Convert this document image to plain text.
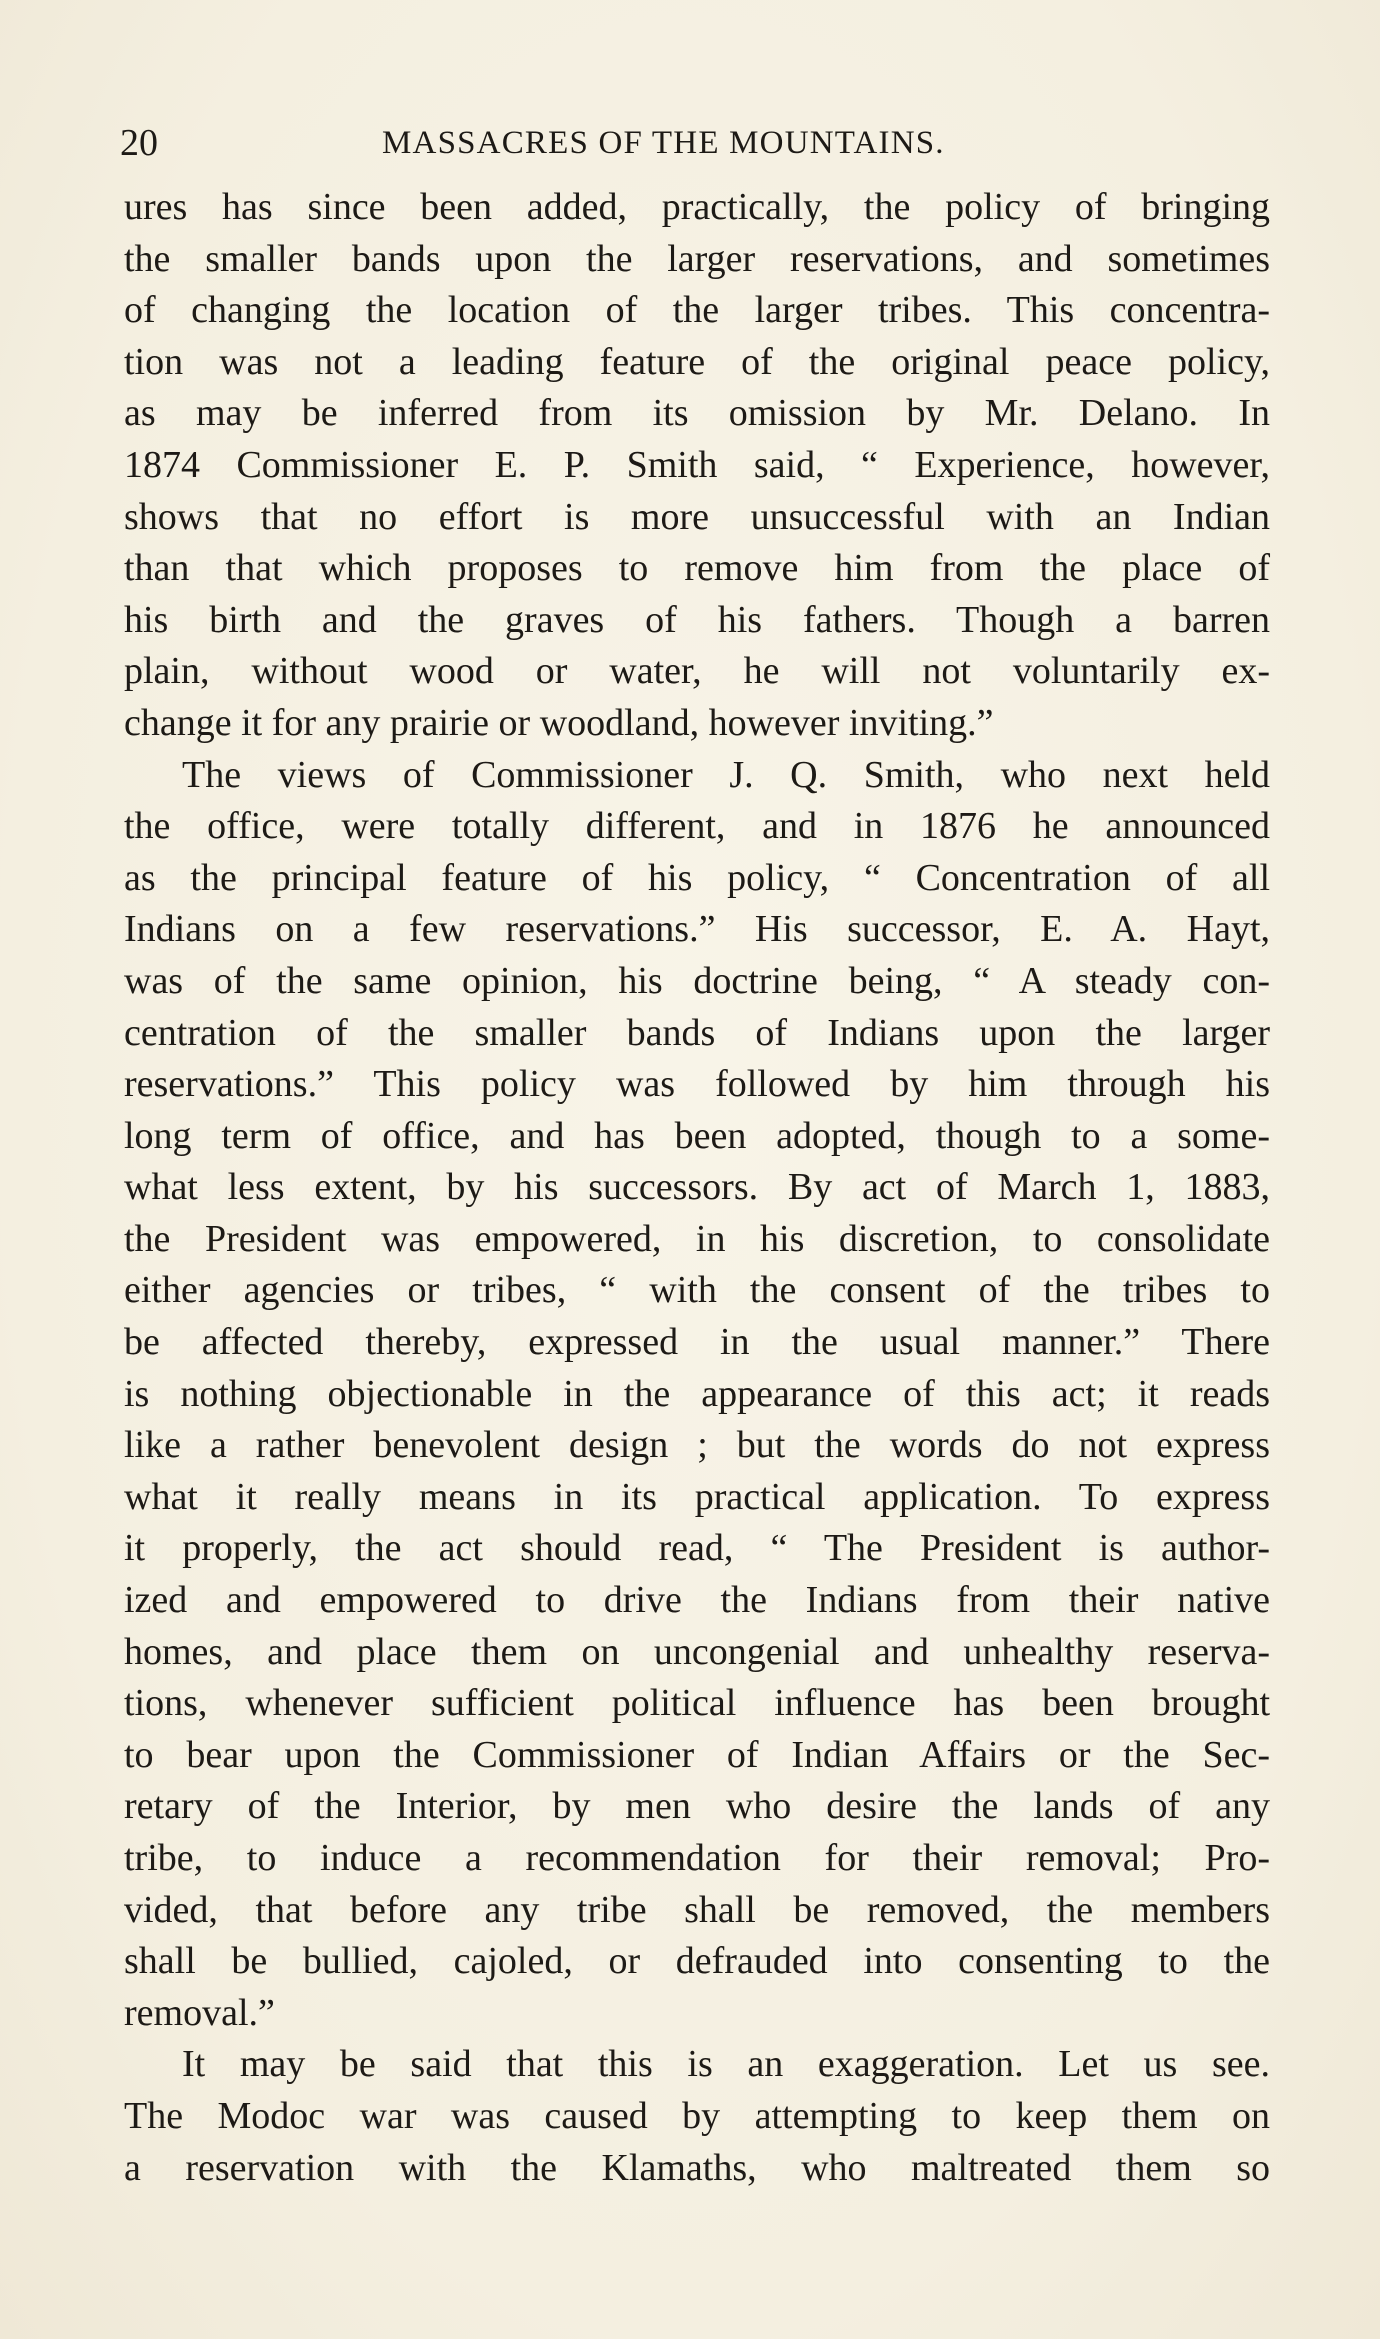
20	MASSACRES OF THE MOUNTAINS.
ures has since been added, practically, the policy of bringing
the smaller bands upon the larger reservations, and sometimes
of changing the location of the larger tribes. This concentra-
tion was not a leading feature of the original peace policy,
as may be inferred from its omission by Mr. Delano. In
1874 Commissioner E. P. Smith said, “ Experience, however,
shows that no effort is more unsuccessful with an Indian
than that which proposes to remove him from the place of
his birth and the graves of his fathers. Though a barren
plain, without wood or water, he will not voluntarily ex-
change it for any prairie or woodland, however inviting.”
The views of Commissioner J. Q. Smith, who next held
the office, were totally different, and in 1876 he announced
as the principal feature of his policy, “ Concentration of all
Indians on a few reservations.” His successor, E. A. Hayt,
was of the same opinion, his doctrine being, “ A steady con-
centration of the smaller bands of Indians upon the larger
reservations.” This policy was followed by him through his
long term of office, and has been adopted, though to a some-
what less extent, by his successors. By act of March 1, 1883,
the President was empowered, in his discretion, to consolidate
either agencies or tribes, “ with the consent of the tribes to
be affected thereby, expressed in the usual manner.” There
is nothing objectionable in the appearance of this act; it reads
like a rather benevolent design ; but the words do not express
what it really means in its practical application. To express
it properly, the act should read, “ The President is author-
ized and empowered to drive the Indians from their native
homes, and place them on uncongenial and unhealthy reserva-
tions, whenever sufficient political influence has been brought
to bear upon the Commissioner of Indian Affairs or the Sec-
retary of the Interior, by men who desire the lands of any
tribe, to induce a recommendation for their removal; Pro-
vided, that before any tribe shall be removed, the members
shall be bullied, cajoled, or defrauded into consenting to the
removal.”
It may be said that this is an exaggeration. Let us see.
The Modoc war was caused by attempting to keep them on
a reservation with the Klamaths, who maltreated them so
